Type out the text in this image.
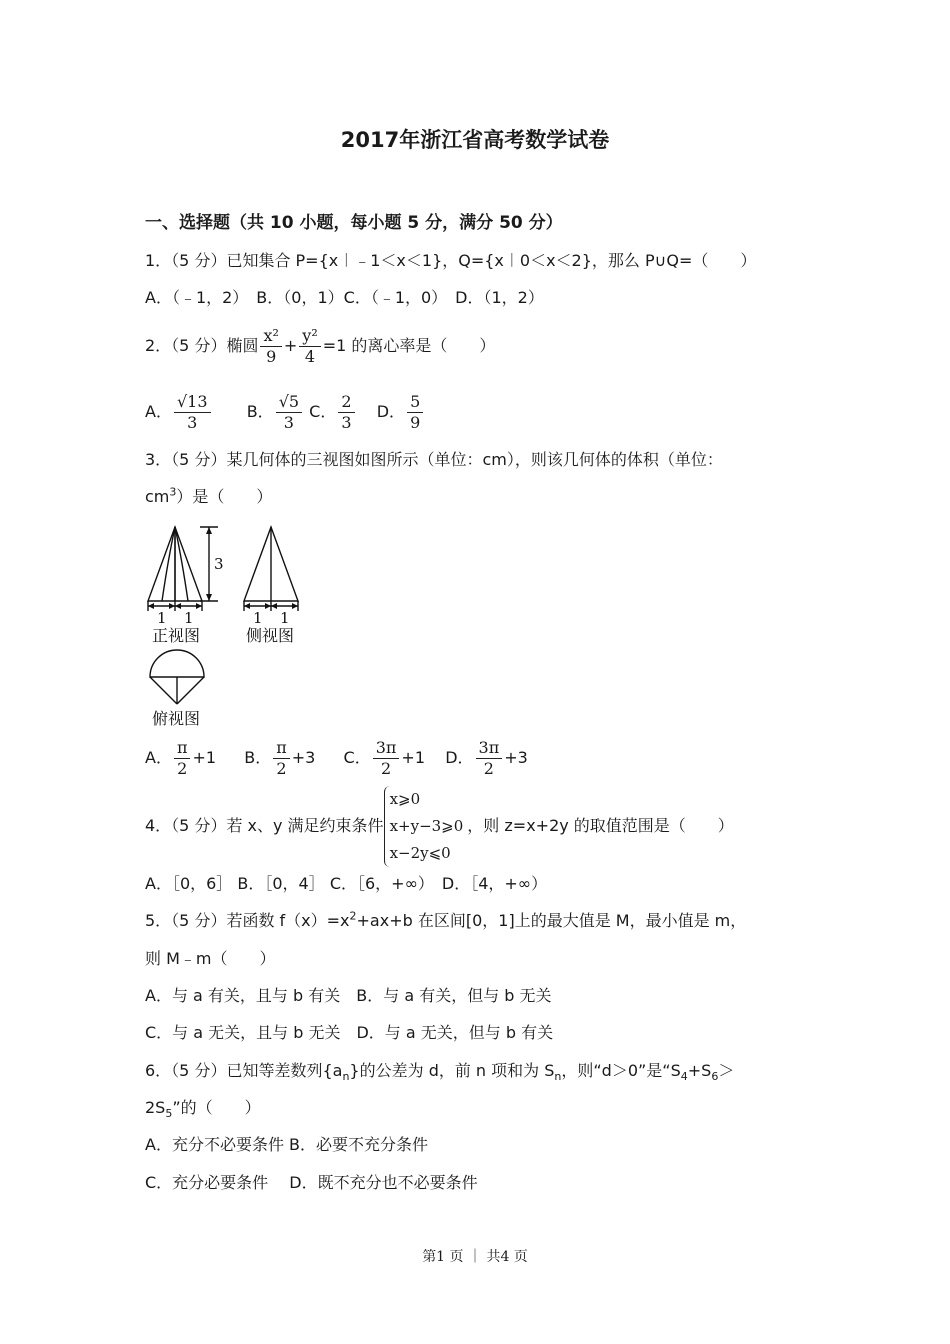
2017年浙江省高考数学试卷
一、选择题（共 10 小题，每小题 5 分，满分 50 分）
1．（5 分）已知集合 P={x︱﹣1＜x＜1}，Q={x︱0＜x＜2}，那么 P∪Q=（　　）
A．（﹣1，2）　B．（0，1）C．（﹣1，0）　D．（1，2）
2．（5 分）椭圆 $\frac{\text{x²}}{9} + \frac{\text{y²}}{4} =1$ 的离心率是（　　）
A． $\frac{√13}{3}$ B． $\frac{√5}{3}$ C． $\frac{2}{3}$ D． $\frac{5}{9}$
3．（5 分）某几何体的三视图如图所示（单位：cm），则该几何体的体积（单位：
$cm^3$）是（　　）
3
1 1	1 1
正视图	侧视图
俯视图
A． $\frac{\pi}{2} +1$ B． $\frac{\pi}{2} +3$ C． $\frac{3\pi}{2} +1$ D． $\frac{3\pi}{2} +3$
4．（5 分）若 x、y 满足约束条件
x⩾0
x+y−3⩾0
x−2y⩽0
，则 z=x+2y 的取值范围是（　　）
A．［0，6］ B．［0，4］ C．［6，+∞）　D．［4，+∞）
5．（5 分）若函数 $f(x)=x^2+ax+b$ 在区间[0，1]上的最大值是 M，最小值是 m，
则 M﹣m（　　）
A．与 a 有关，且与 b 有关　B．与 a 有关，但与 b 无关
C．与 a 无关，且与 b 无关　D．与 a 无关，但与 b 有关
6．（5 分）已知等差数列$\{a_n\}$的公差为 d，前 n 项和为 $S_n$，则“d＞0”是“$S_4+S_6>$
$2S_5$”的（　　）
A．充分不必要条件 B．必要不充分条件
C．充分必要条件　 D．既不充分也不必要条件
第1 页 ｜ 共4 页
